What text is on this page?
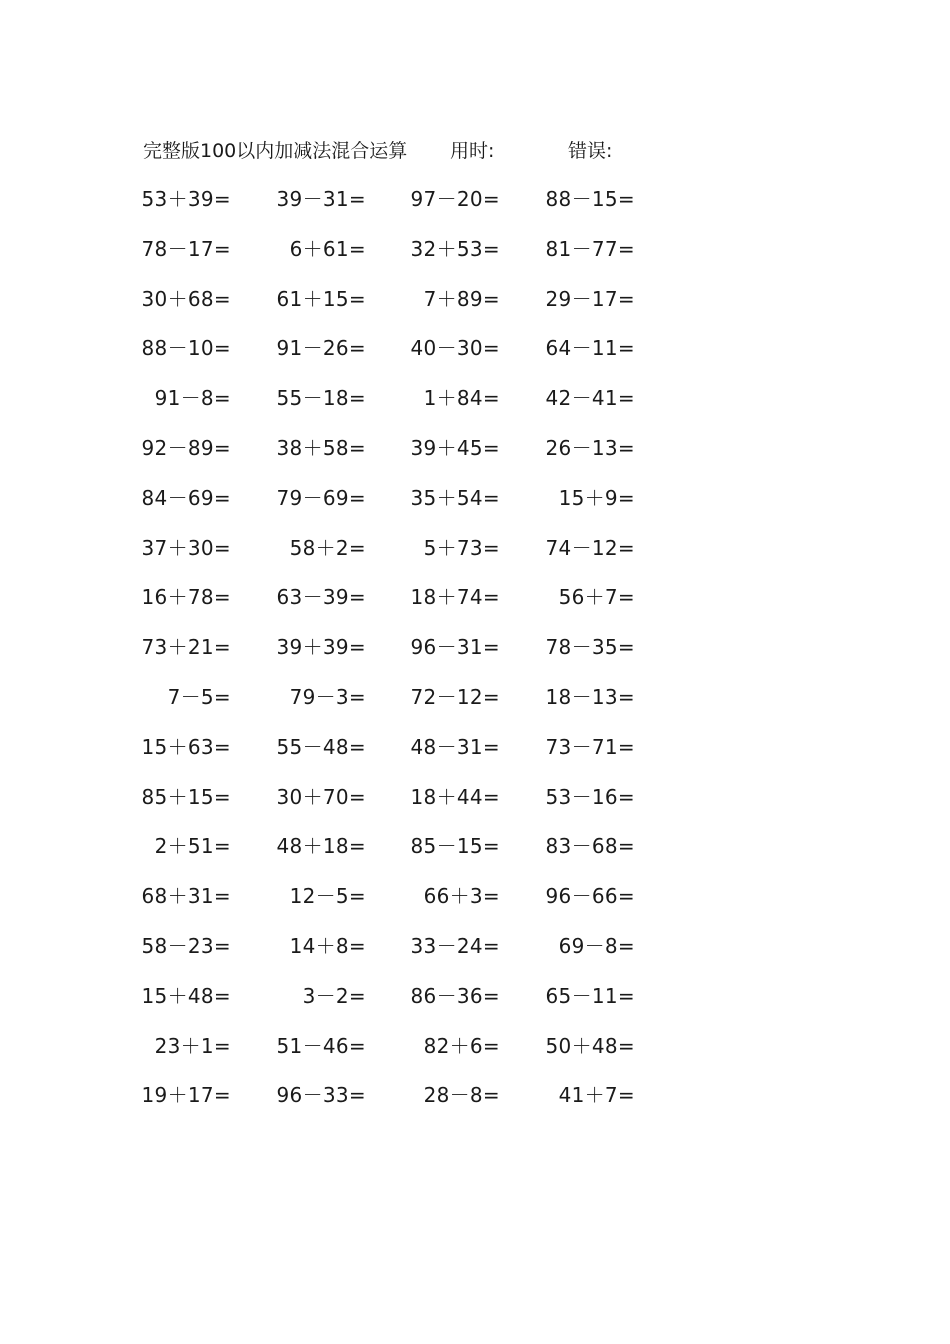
完整版100以内加减法混合运算 用时:	错误:
53＋39=	39－31=	97－20=	88－15=
78－17=	6＋61=	32＋53=	81－77=
30＋68=	61＋15=	7＋89=	29－17=
88－10=	91－26=	40－30=	64－11=
91－8=	55－18=	1＋84=	42－41=
92－89=	38＋58=	39＋45=	26－13=
84－69=	79－69=	35＋54=	15＋9=
37＋30=	58＋2=	5＋73=	74－12=
16＋78=	63－39=	18＋74=	56＋7=
73＋21=	39＋39=	96－31=	78－35=
7－5=	79－3=	72－12=	18－13=
15＋63=	55－48=	48－31=	73－71=
85＋15=	30＋70=	18＋44=	53－16=
2＋51=	48＋18=	85－15=	83－68=
68＋31=	12－5=	66＋3=	96－66=
58－23=	14＋8=	33－24=	69－8=
15＋48=	3－2=	86－36=	65－11=
23＋1=	51－46=	82＋6=	50＋48=
19＋17=	96－33=	28－8=	41＋7=
